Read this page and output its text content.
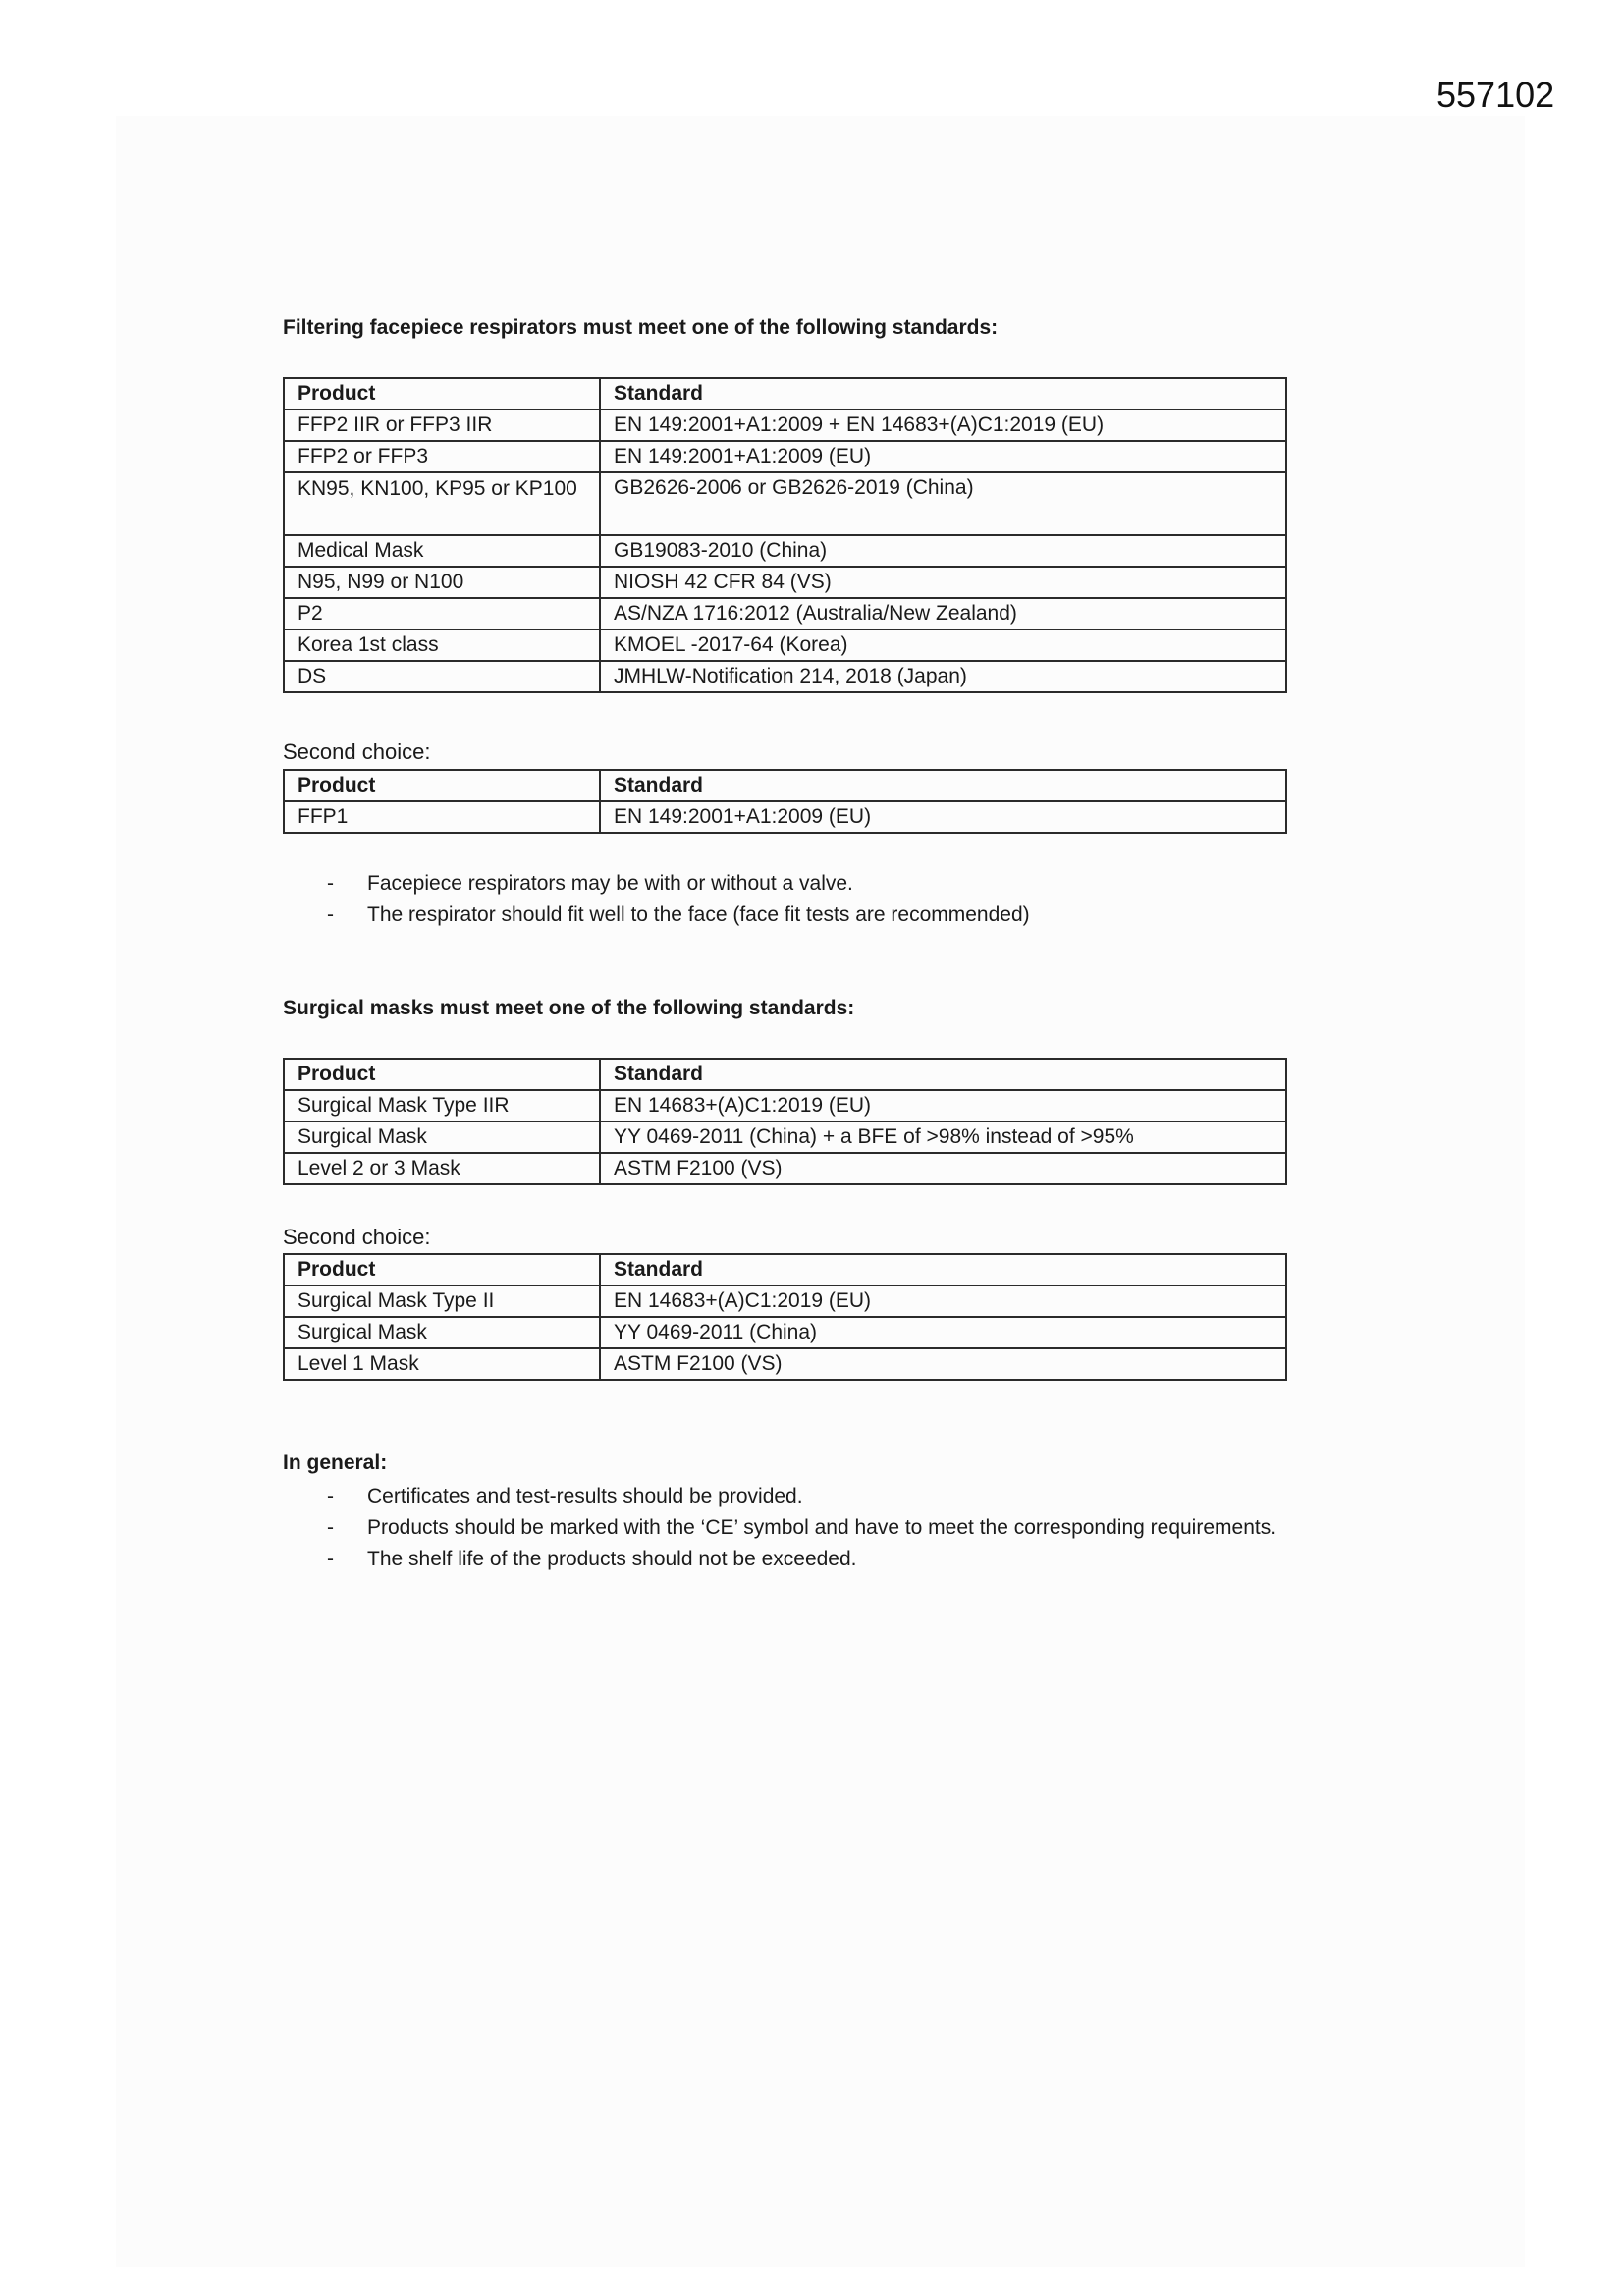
557102
Filtering facepiece respirators must meet one of the following standards:
Product	Standard
FFP2 IIR or FFP3 IIR	EN 149:2001+A1:2009 + EN 14683+(A)C1:2019 (EU)
FFP2 or FFP3	EN 149:2001+A1:2009 (EU)
KN95, KN100, KP95 or KP100	GB2626-2006 or GB2626-2019 (China)
Medical Mask	GB19083-2010 (China)
N95, N99 or N100	NIOSH 42 CFR 84 (VS)
P2	AS/NZA 1716:2012 (Australia/New Zealand)
Korea 1st class	KMOEL -2017-64 (Korea)
DS	JMHLW-Notification 214, 2018 (Japan)
Second choice:
Product	Standard
FFP1	EN 149:2001+A1:2009 (EU)
- Facepiece respirators may be with or without a valve.
- The respirator should fit well to the face (face fit tests are recommended)
Surgical masks must meet one of the following standards:
Product	Standard
Surgical Mask Type IIR	EN 14683+(A)C1:2019 (EU)
Surgical Mask	YY 0469-2011 (China) + a BFE of >98% instead of >95%
Level 2 or 3 Mask	ASTM F2100 (VS)
Second choice:
Product	Standard
Surgical Mask Type II	EN 14683+(A)C1:2019 (EU)
Surgical Mask	YY 0469-2011 (China)
Level 1 Mask	ASTM F2100 (VS)
In general:
- Certificates and test-results should be provided.
- Products should be marked with the ‘CE’ symbol and have to meet the corresponding requirements.
- The shelf life of the products should not be exceeded.
